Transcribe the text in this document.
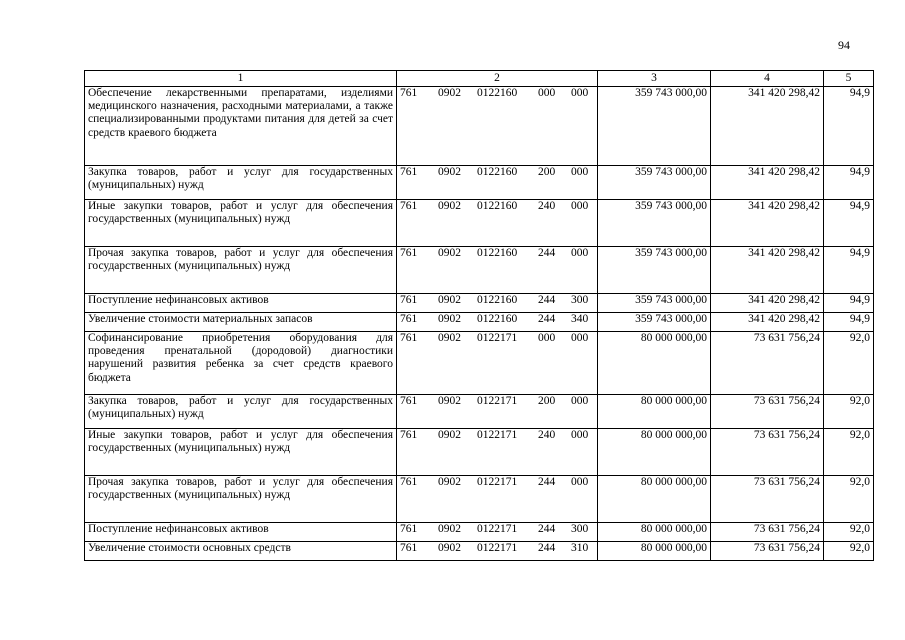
94
1	2	3	4	5
Обеспечение лекарственными препаратами, изделиями медицинского назначения, расходными материалами, а также специализированными продуктами питания для детей за счет средств краевого бюджета	761 0902 0122160 000 000	359 743 000,00	341 420 298,42	94,9
Закупка товаров, работ и услуг для государственных (муниципальных) нужд	761 0902 0122160 200 000	359 743 000,00	341 420 298,42	94,9
Иные закупки товаров, работ и услуг для обеспечения государственных (муниципальных) нужд	761 0902 0122160 240 000	359 743 000,00	341 420 298,42	94,9
Прочая закупка товаров, работ и услуг для обеспечения государственных (муниципальных) нужд	761 0902 0122160 244 000	359 743 000,00	341 420 298,42	94,9
Поступление нефинансовых активов	761 0902 0122160 244 300	359 743 000,00	341 420 298,42	94,9
Увеличение стоимости материальных запасов	761 0902 0122160 244 340	359 743 000,00	341 420 298,42	94,9
Софинансирование приобретения оборудования для проведения пренатальной (дородовой) диагностики нарушений развития ребенка за счет средств краевого бюджета	761 0902 0122171 000 000	80 000 000,00	73 631 756,24	92,0
Закупка товаров, работ и услуг для государственных (муниципальных) нужд	761 0902 0122171 200 000	80 000 000,00	73 631 756,24	92,0
Иные закупки товаров, работ и услуг для обеспечения государственных (муниципальных) нужд	761 0902 0122171 240 000	80 000 000,00	73 631 756,24	92,0
Прочая закупка товаров, работ и услуг для обеспечения государственных (муниципальных) нужд	761 0902 0122171 244 000	80 000 000,00	73 631 756,24	92,0
Поступление нефинансовых активов	761 0902 0122171 244 300	80 000 000,00	73 631 756,24	92,0
Увеличение стоимости основных средств	761 0902 0122171 244 310	80 000 000,00	73 631 756,24	92,0
